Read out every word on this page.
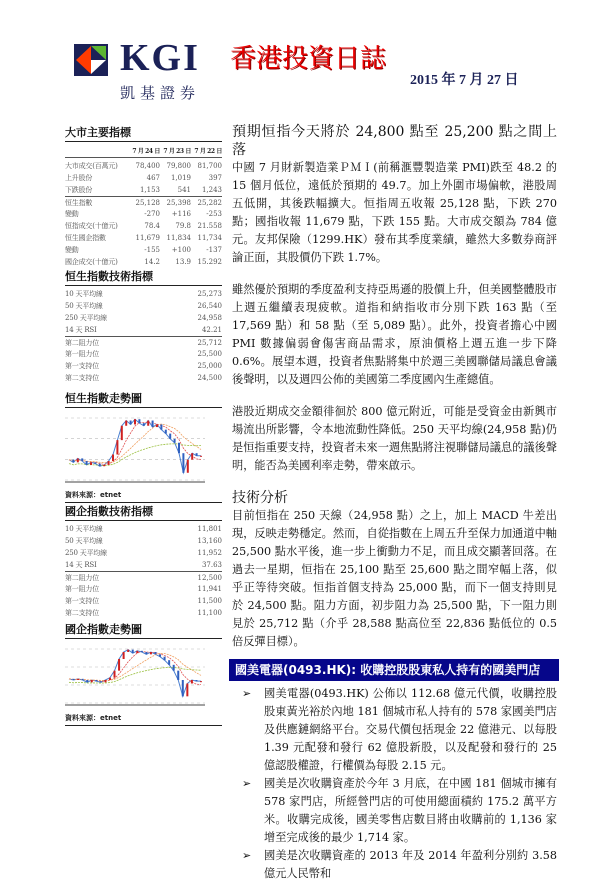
KGI
凱基證券
香港投資日誌
2015 年 7 月 27 日
大市主要指標
7 月 24 日 7 月 23 日 7 月 22 日
大市成交(百萬元)	78,400 79,800 81,700
上升股份	467	1,019	397
下跌股份	1,153	541	1,243
恒生指數	25,128 25,398 25,282
變動	-270	+116	-253
恒指成交(十億元)	78.4	79.8 21.558
恒生國企指數	11,679 11,834 11,734
變動	-155	+100	-137
國企成交(十億元)	14.2	13.9 15.292
恒生指數技術指標
10 天平均線	25,273
50 天平均線	26,540
250 天平均線	24,958
14 天 RSI	42.21
第二阻力位	25,712
第一阻力位	25,500
第一支持位	25,000
第二支持位	24,500
恒生指數走勢圖
資料來源：etnet
國企指數技術指標
10 天平均線	11,801
50 天平均線	13,160
250 天平均線	11,952
14 天 RSI	37.63
第二阻力位	12,500
第一阻力位	11,941
第一支持位	11,500
第二支持位	11,100
國企指數走勢圖
資料來源：etnet
預期恒指今天將於 24,800 點至 25,200 點之間上落

中國 7 月財新製造業ＰＭＩ(前稱滙豐製造業 PMI)跌至 48.2 的 15 個月低位，遠低於預期的 49.7。加上外圍市場偏軟，港股周五低開，其後跌幅擴大。恒指周五收報 25,128 點，下跌 270 點；國指收報 11,679 點，下跌 155 點。大市成交額為 784 億元。友邦保險（1299.HK）發布其季度業績，雖然大多數券商評論正面，其股價仍下跌 1.7%。

雖然優於預期的季度盈利支持亞馬遜的股價上升，但美國整體股市上週五繼續表現疲軟。道指和納指收市分別下跌 163 點（至 17,569 點）和 58 點（至 5,089 點）。此外，投資者擔心中國 PMI 數據偏弱會傷害商品需求，原油價格上週五進一步下降 0.6%。展望本週，投資者焦點將集中於週三美國聯儲局議息會議後聲明，以及週四公佈的美國第二季度國內生產總值。

港股近期成交金額徘徊於 800 億元附近，可能是受資金由新興市場流出所影響，令本地流動性降低。250 天平均線(24,958 點)仍是恒指重要支持，投資者未來一週焦點將注視聯儲局議息的議後聲明，能否為美國利率走勢，帶來啟示。

技術分析

目前恒指在 250 天線（24,958 點）之上，加上 MACD 牛差出現，反映走勢穩定。然而，自從指數在上周五升至保力加通道中軸 25,500 點水平後，進一步上衝動力不足，而且成交顯著回落。在過去一星期，恒指在 25,100 點至 25,600 點之間窄幅上落，似乎正等待突破。恒指首個支持為 25,000 點，而下一個支持則見於 24,500 點。阻力方面，初步阻力為 25,500 點，下一阻力則見於 25,712 點（介乎 28,588 點高位至 22,836 點低位的 0.5 倍反彈目標）。

國美電器(0493.HK): 收購控股股東私人持有的國美門店
➢	國美電器(0493.HK) 公佈以 112.68 億元代價，收購控股股東黃光裕於內地 181 個城市私人持有的 578 家國美門店及供應鏈網絡平台。交易代價包括現金 22 億港元、以每股 1.39 元配發和發行 62 億股新股，以及配發和發行的 25 億認股權證，行權價為每股 2.15 元。
➢	國美是次收購資產於今年 3 月底，在中國 181 個城市擁有 578 家門店，所經營門店的可使用總面積約 175.2 萬平方米。收購完成後，國美零售店數目將由收購前的 1,136 家增至完成後的最少 1,714 家。
➢	國美是次收購資產的 2013 年及 2014 年盈利分別約 3.58 億元人民幣和
